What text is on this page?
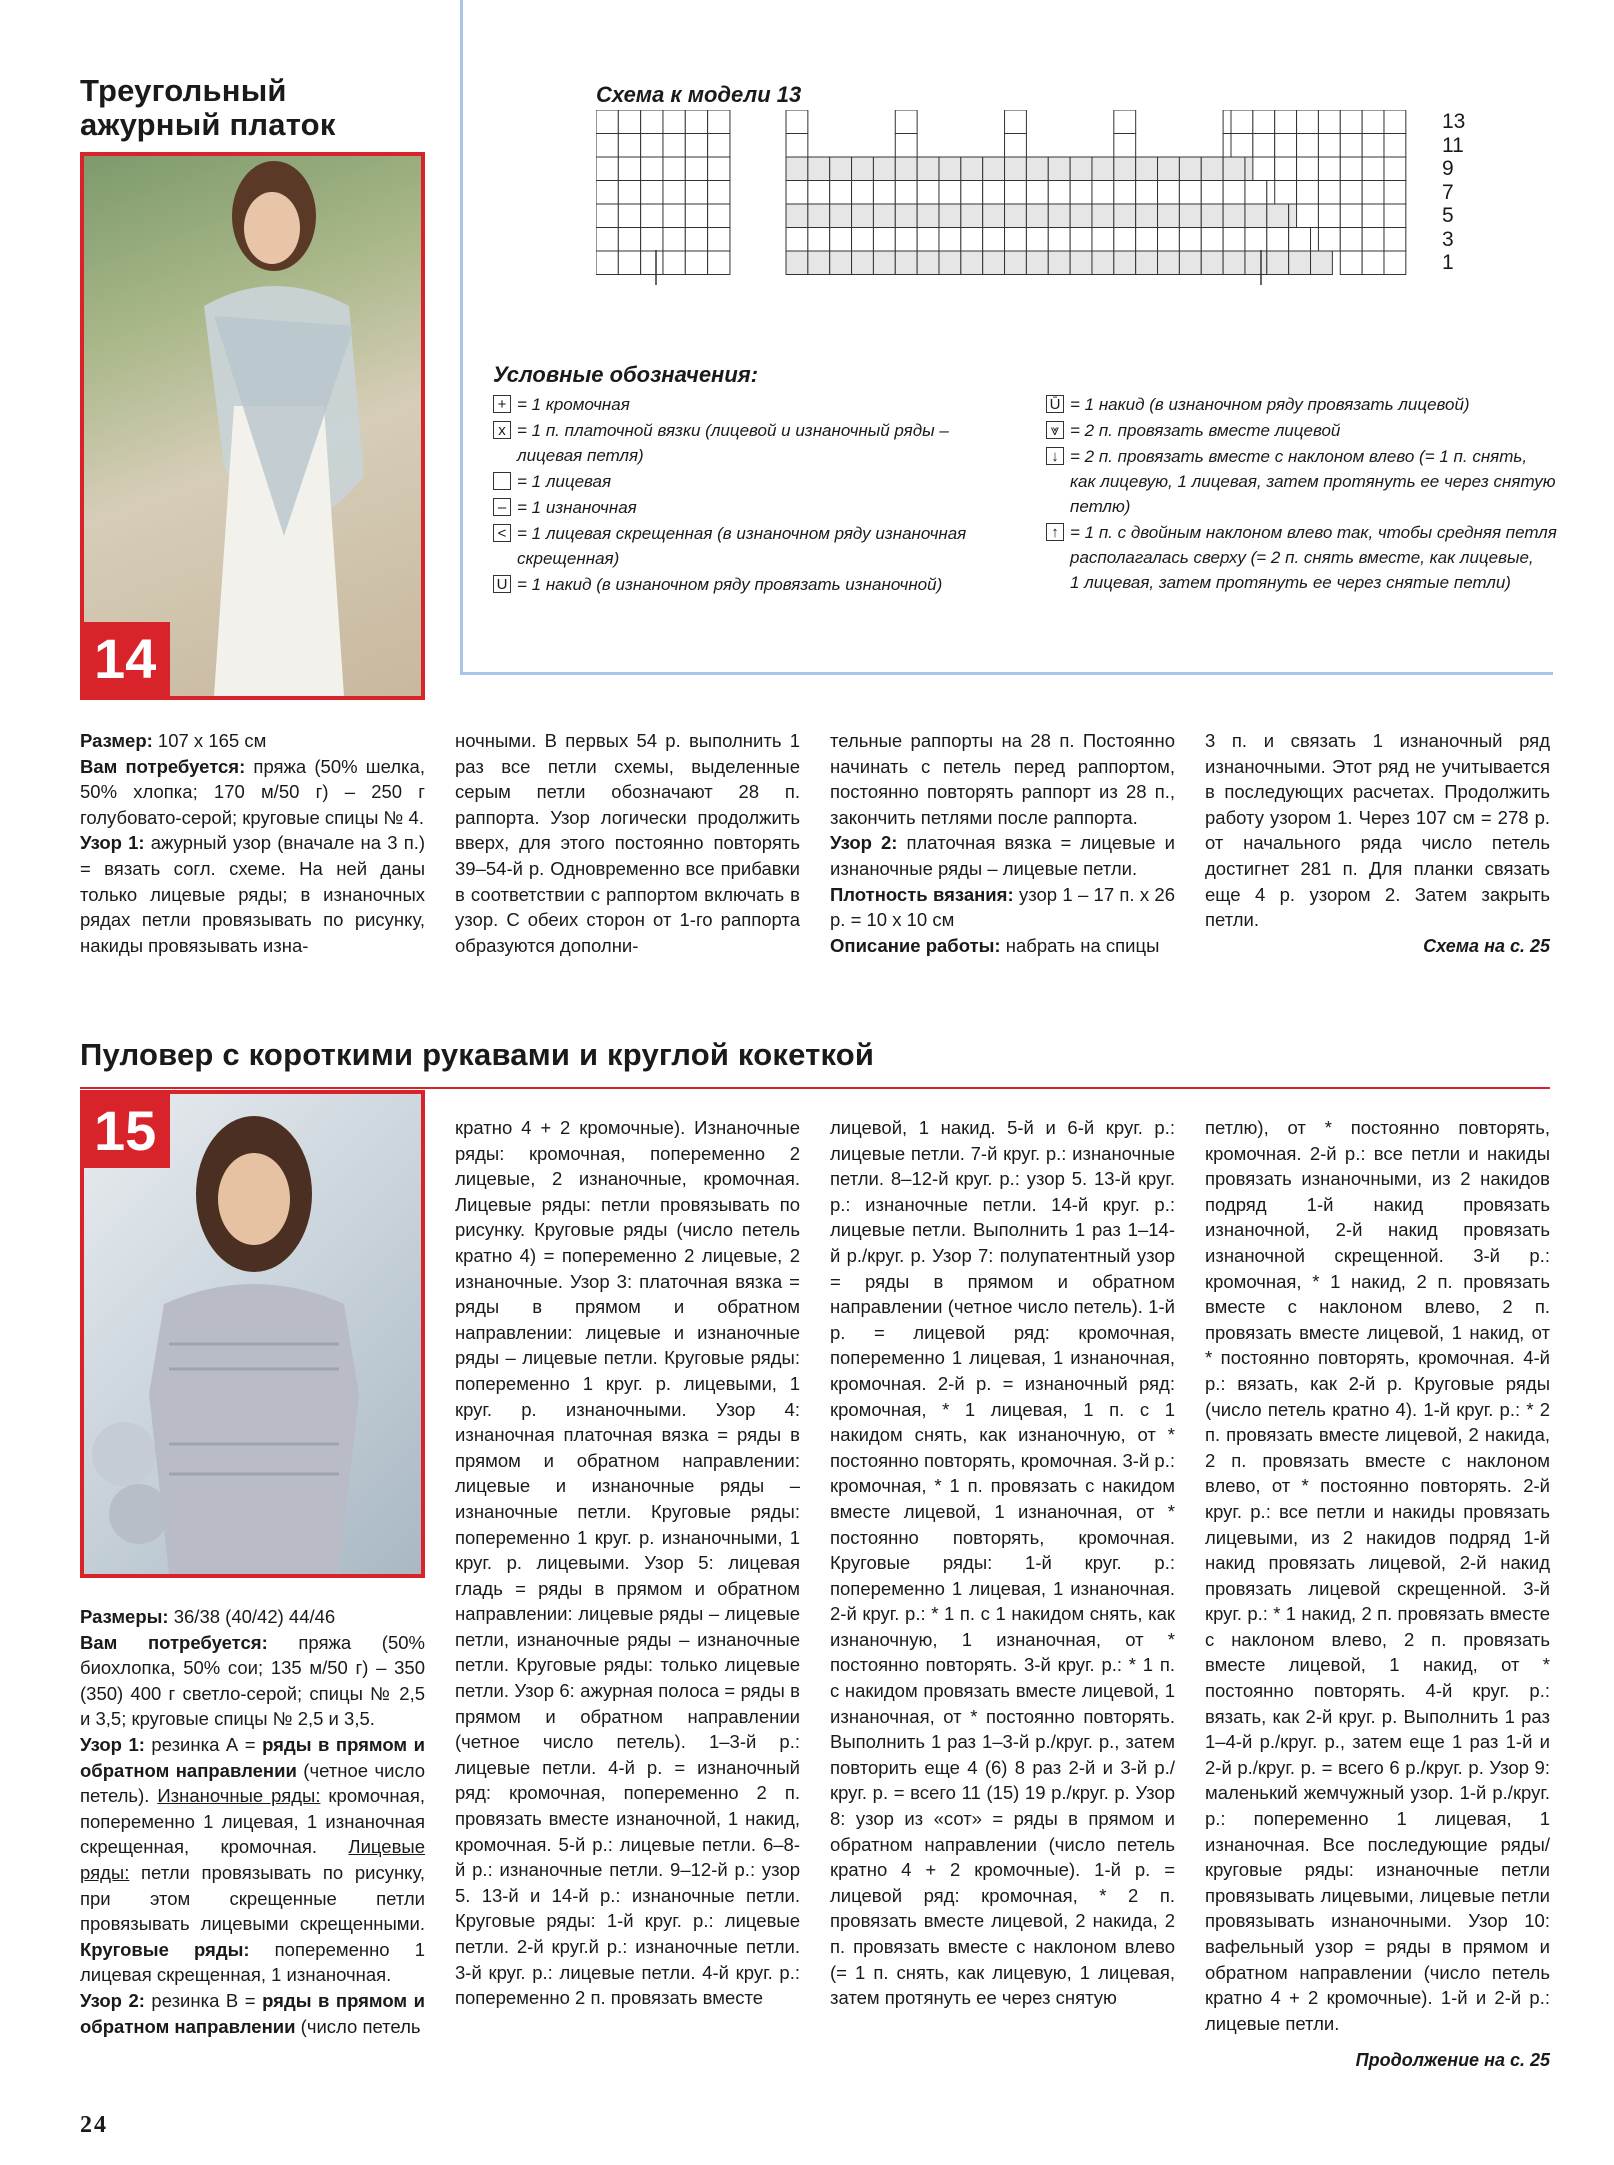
Треугольный
ажурный платок
14
Схема к модели 13
13
11
9
7
5
3
1
Условные обозначения:
+ = 1 кромочная
x = 1 п. платочной вязки (лицевой и изнаночный ряды –
лицевая петля)
= 1 лицевая
– = 1 изнаночная
< = 1 лицевая скрещенная (в изнаночном ряду изнаночная
скрещенная)
U = 1 накид (в изнаночном ряду провязать изнаночной)
Ū = 1 накид (в изнаночном ряду провязать лицевой)
⩔ = 2 п. провязать вместе лицевой
↓ = 2 п. провязать вместе с наклоном влево (= 1 п. снять,
как лицевую, 1 лицевая, затем протянуть ее через снятую
петлю)
↑ = 1 п. с двойным наклоном влево так, чтобы средняя петля
располагалась сверху (= 2 п. снять вместе, как лицевые,
1 лицевая, затем протянуть ее через снятые петли)

Размер: 107 x 165 см

Вам потребуется: пряжа (50% шелка, 50% хлопка; 170 м/50 г) – 250 г голубовато-серой; круговые спицы № 4.

Узор 1: ажурный узор (вначале на 3 п.) = вязать согл. схеме. На ней даны только лицевые ряды; в изнаночных рядах петли провязывать по рисунку, накиды провязывать изна-

ночными. В первых 54 р. выполнить 1 раз все петли схемы, выделенные серым петли обозначают 28 п. раппорта. Узор логически продолжить вверх, для этого постоянно повторять 39–54-й р. Одновременно все прибавки в соответствии с раппортом включать в узор. С обеих сторон от 1-го раппорта образуются дополни-

тельные раппорты на 28 п. Постоянно начинать с петель перед раппортом, постоянно повторять раппорт из 28 п., закончить петлями после раппорта.

Узор 2: платочная вязка = лицевые и изнаночные ряды – лицевые петли.

Плотность вязания: узор 1 – 17 п. x 26 р. = 10 x 10 см

Описание работы: набрать на спицы

3 п. и связать 1 изнаночный ряд изнаночными. Этот ряд не учитывается в последующих расчетах. Продолжить работу узором 1. Через 107 см = 278 р. от начального ряда число петель достигнет 281 п. Для планки связать еще 4 р. узором 2. Затем закрыть петли.

Схема на с. 25
Пуловер с короткими рукавами и круглой кокеткой
15

Размеры: 36/38 (40/42) 44/46

Вам потребуется: пряжа (50% биохлопка, 50% сои; 135 м/50 г) – 350 (350) 400 г светло-серой; спицы № 2,5 и 3,5; круговые спицы № 2,5 и 3,5.

Узор 1: резинка А = ряды в прямом и обратном направлении (четное число петель). Изнаночные ряды: кромочная, попеременно 1 лицевая, 1 изнаночная скрещенная, кромочная. Лицевые ряды: петли провязывать по рисунку, при этом скрещенные петли провязывать лицевыми скрещенными. Круговые ряды: попеременно 1 лицевая скрещенная, 1 изнаночная.

Узор 2: резинка В = ряды в прямом и обратном направлении (число петель

кратно 4 + 2 кромочные). Изнаночные ряды: кромочная, попеременно 2 лицевые, 2 изнаночные, кромочная. Лицевые ряды: петли провязывать по рисунку. Круговые ряды (число петель кратно 4) = попеременно 2 лицевые, 2 изнаночные. Узор 3: платочная вязка = ряды в прямом и обратном направлении: лицевые и изнаночные ряды – лицевые петли. Круговые ряды: попеременно 1 круг. р. лицевыми, 1 круг. р. изнаночными. Узор 4: изнаночная платочная вязка = ряды в прямом и обратном направлении: лицевые и изнаночные ряды – изнаночные петли. Круговые ряды: попеременно 1 круг. р. изнаночными, 1 круг. р. лицевыми. Узор 5: лицевая гладь = ряды в прямом и обратном направлении: лицевые ряды – лицевые петли, изнаночные ряды – изнаночные петли. Круговые ряды: только лицевые петли. Узор 6: ажурная полоса = ряды в прямом и обратном направлении (четное число петель). 1–3-й р.: лицевые петли. 4-й р. = изнаночный ряд: кромочная, попеременно 2 п. провязать вместе изнаночной, 1 накид, кромочная. 5-й р.: лицевые петли. 6–8-й р.: изнаночные петли. 9–12-й р.: узор 5. 13-й и 14-й р.: изнаночные петли. Круговые ряды: 1-й круг. р.: лицевые петли. 2-й круг.й р.: изнаночные петли. 3-й круг. р.: лицевые петли. 4-й круг. р.: попеременно 2 п. провязать вместе

лицевой, 1 накид. 5-й и 6-й круг. р.: лицевые петли. 7-й круг. р.: изнаночные петли. 8–12-й круг. р.: узор 5. 13-й круг. р.: изнаночные петли. 14-й круг. р.: лицевые петли. Выполнить 1 раз 1–14-й р./круг. р. Узор 7: полупатентный узор = ряды в прямом и обратном направлении (четное число петель). 1-й р. = лицевой ряд: кромочная, попеременно 1 лицевая, 1 изнаночная, кромочная. 2-й р. = изнаночный ряд: кромочная, * 1 лицевая, 1 п. с 1 накидом снять, как изнаночную, от * постоянно повторять, кромочная. 3-й р.: кромочная, * 1 п. провязать с накидом вместе лицевой, 1 изнаночная, от * постоянно повторять, кромочная. Круговые ряды: 1-й круг. р.: попеременно 1 лицевая, 1 изнаночная. 2-й круг. р.: * 1 п. с 1 накидом снять, как изнаночную, 1 изнаночная, от * постоянно повторять. 3-й круг. р.: * 1 п. с накидом провязать вместе лицевой, 1 изнаночная, от * постоянно повторять. Выполнить 1 раз 1–3-й р./круг. р., затем повторить еще 4 (6) 8 раз 2-й и 3-й р./круг. р. = всего 11 (15) 19 р./круг. р. Узор 8: узор из «сот» = ряды в прямом и обратном направлении (число петель кратно 4 + 2 кромочные). 1-й р. = лицевой ряд: кромочная, * 2 п. провязать вместе лицевой, 2 накида, 2 п. провязать вместе с наклоном влево (= 1 п. снять, как лицевую, 1 лицевая, затем протянуть ее через снятую

петлю), от * постоянно повторять, кромочная. 2-й р.: все петли и накиды провязать изнаночными, из 2 накидов подряд 1-й накид провязать изнаночной, 2-й накид провязать изнаночной скрещенной. 3-й р.: кромочная, * 1 накид, 2 п. провязать вместе с наклоном влево, 2 п. провязать вместе лицевой, 1 накид, от * постоянно повторять, кромочная. 4-й р.: вязать, как 2-й р. Круговые ряды (число петель кратно 4). 1-й круг. р.: * 2 п. провязать вместе лицевой, 2 накида, 2 п. провязать вместе с наклоном влево, от * постоянно повторять. 2-й круг. р.: все петли и накиды провязать лицевыми, из 2 накидов подряд 1-й накид провязать лицевой, 2-й накид провязать лицевой скрещенной. 3-й круг. р.: * 1 накид, 2 п. провязать вместе с наклоном влево, 2 п. провязать вместе лицевой, 1 накид, от * постоянно повторять. 4-й круг. р.: вязать, как 2-й круг. р. Выполнить 1 раз 1–4-й р./круг. р., затем еще 1 раз 1-й и 2-й р./круг. р. = всего 6 р./круг. р. Узор 9: маленький жемчужный узор. 1-й р./круг. р.: попеременно 1 лицевая, 1 изнаночная. Все последующие ряды/круговые ряды: изнаночные петли провязывать лицевыми, лицевые петли провязывать изнаночными. Узор 10: вафельный узор = ряды в прямом и обратном направлении (число петель кратно 4 + 2 кромочные). 1-й и 2-й р.: лицевые петли.

Продолжение на с. 25
24
